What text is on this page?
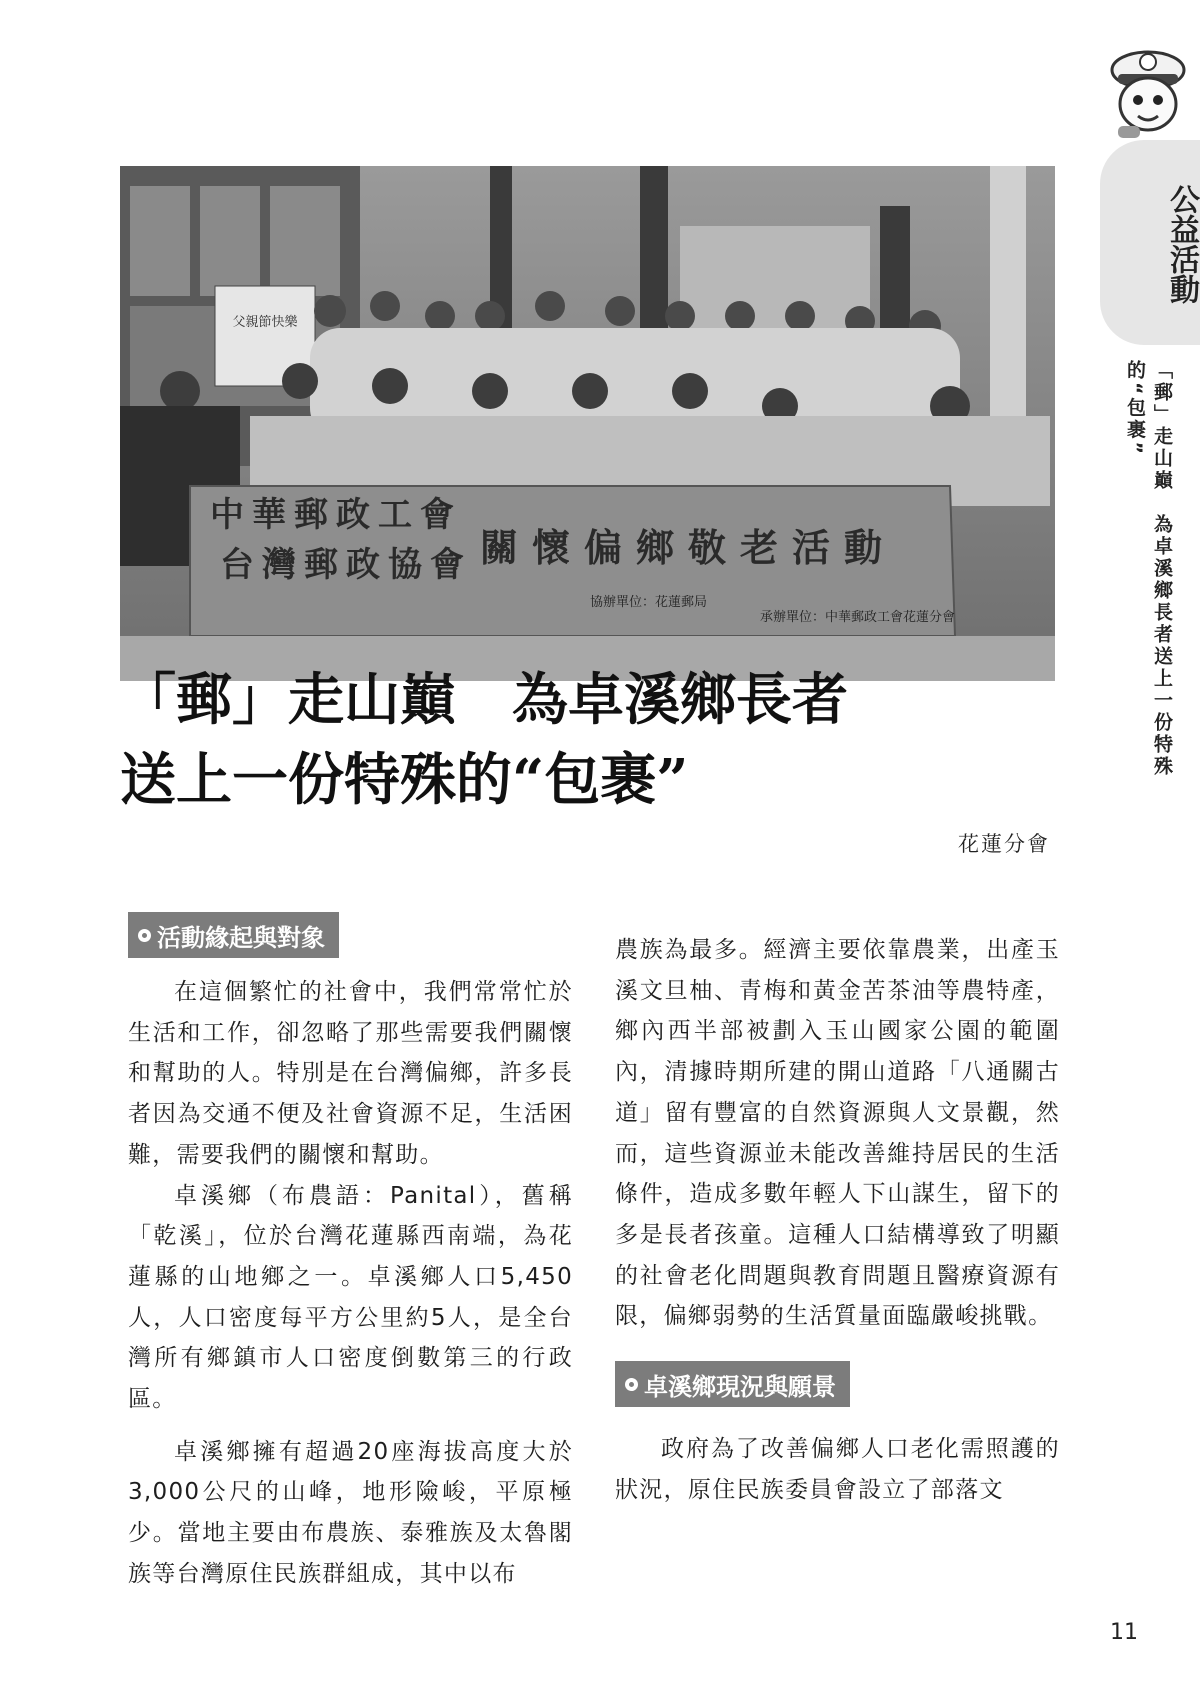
公益活動
「郵」走山巔　為卓溪鄉長者送上一份特殊的“包裹”
父親節快樂
中華郵政工會
台灣郵政協會 關懷偏鄉敬老活動
協辦單位：花蓮郵局
承辦單位：中華郵政工會花蓮分會
「郵」走山巔　為卓溪鄉長者
送上一份特殊的“包裹”
花蓮分會
活動緣起與對象

在這個繁忙的社會中，我們常常忙於生活和工作，卻忽略了那些需要我們關懷和幫助的人。特別是在台灣偏鄉，許多長者因為交通不便及社會資源不足，生活困難，需要我們的關懷和幫助。

卓溪鄉（布農語：Panital），舊稱「乾溪」，位於台灣花蓮縣西南端，為花蓮縣的山地鄉之一。卓溪鄉人口5,450人，人口密度每平方公里約5人，是全台灣所有鄉鎮市人口密度倒數第三的行政區。

卓溪鄉擁有超過20座海拔高度大於3,000公尺的山峰，地形險峻，平原極少。當地主要由布農族、泰雅族及太魯閣族等台灣原住民族群組成，其中以布

農族為最多。經濟主要依靠農業，出產玉溪文旦柚、青梅和黃金苦茶油等農特產，鄉內西半部被劃入玉山國家公園的範圍內，清據時期所建的開山道路「八通關古道」留有豐富的自然資源與人文景觀，然而，這些資源並未能改善維持居民的生活條件，造成多數年輕人下山謀生，留下的多是長者孩童。這種人口結構導致了明顯的社會老化問題與教育問題且醫療資源有限，偏鄉弱勢的生活質量面臨嚴峻挑戰。

卓溪鄉現況與願景

政府為了改善偏鄉人口老化需照護的狀況，原住民族委員會設立了部落文

11
